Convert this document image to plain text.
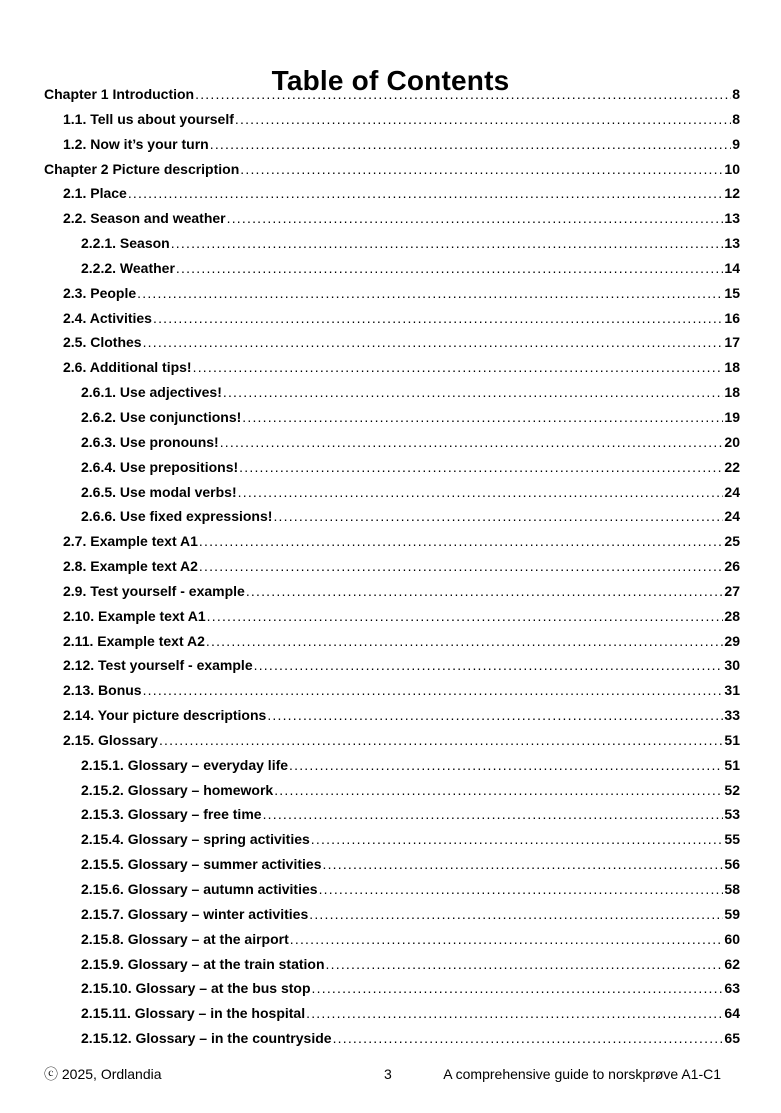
Table of Contents
Chapter 1 Introduction .....	8
1.1. Tell us about yourself .....	8
1.2. Now it’s your turn .....	9
Chapter 2 Picture description .....	10
2.1. Place .....	12
2.2. Season and weather .....	13
2.2.1. Season .....	13
2.2.2. Weather .....	14
2.3. People .....	15
2.4. Activities .....	16
2.5. Clothes .....	17
2.6. Additional tips! .....	18
2.6.1. Use adjectives! .....	18
2.6.2. Use conjunctions! .....	19
2.6.3. Use pronouns! .....	20
2.6.4. Use prepositions! .....	22
2.6.5. Use modal verbs! .....	24
2.6.6. Use fixed expressions! .....	24
2.7. Example text A1 .....	25
2.8. Example text A2 .....	26
2.9. Test yourself - example .....	27
2.10. Example text A1 .....	28
2.11. Example text A2 .....	29
2.12. Test yourself - example .....	30
2.13. Bonus .....	31
2.14. Your picture descriptions .....	33
2.15. Glossary .....	51
2.15.1. Glossary – everyday life .....	51
2.15.2. Glossary – homework .....	52
2.15.3. Glossary – free time .....	53
2.15.4. Glossary – spring activities .....	55
2.15.5. Glossary – summer activities .....	56
2.15.6. Glossary – autumn activities .....	58
2.15.7. Glossary – winter activities .....	59
2.15.8. Glossary – at the airport .....	60
2.15.9. Glossary – at the train station .....	62
2.15.10. Glossary – at the bus stop .....	63
2.15.11. Glossary – in the hospital .....	64
2.15.12. Glossary – in the countryside .....	65
ⓒ 2025, Ordlandia	3	A comprehensive guide to norskprøve A1-C1
